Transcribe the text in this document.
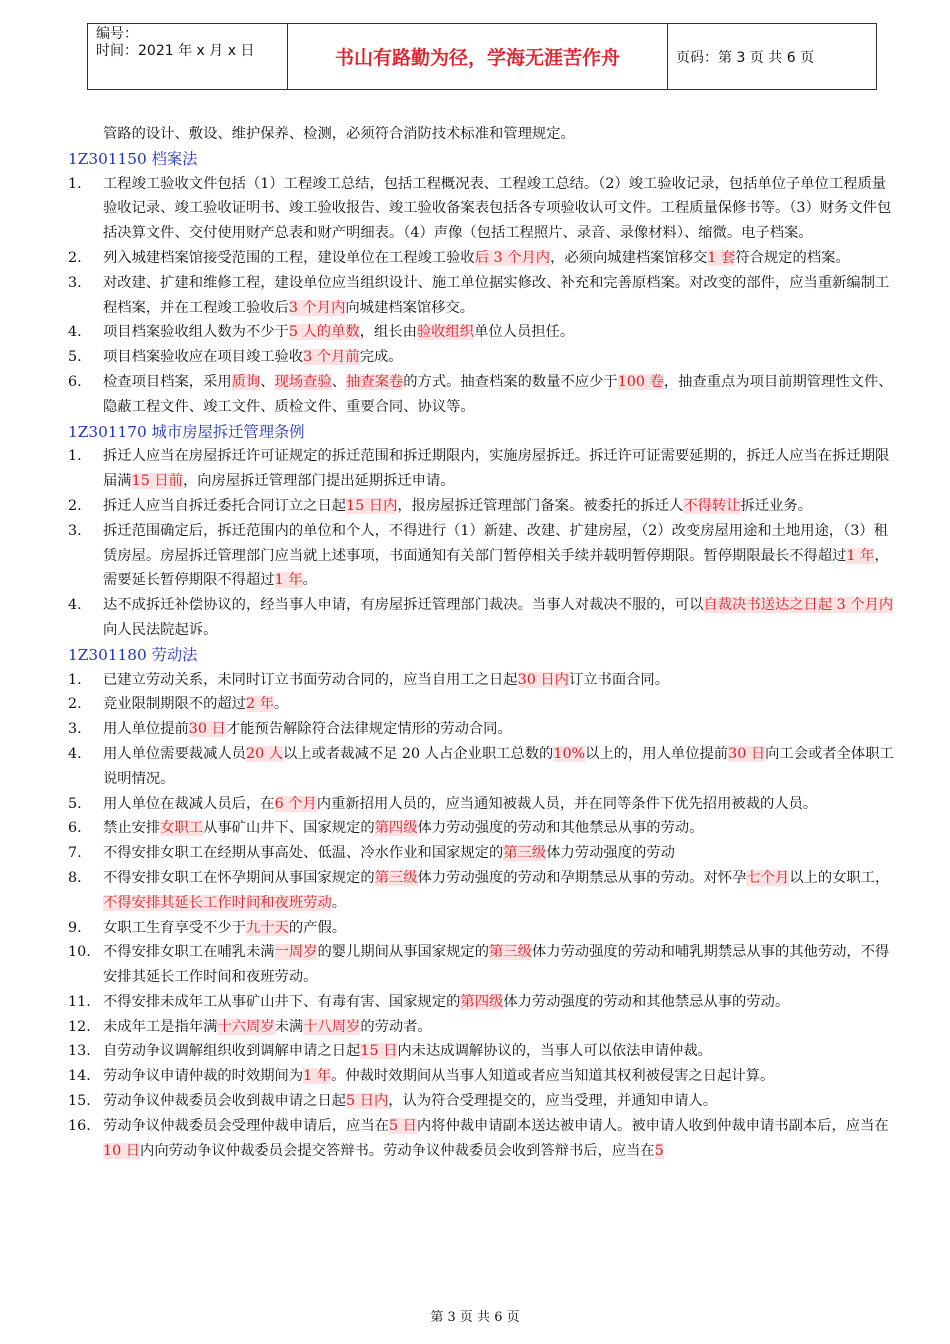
编号：
时间：2021 年 x 月 x 日	书山有路勤为径，学海无涯苦作舟	页码：第 3 页 共 6 页
管路的设计、敷设、维护保养、检测，必须符合消防技术标准和管理规定。
1Z301150 档案法
1. 工程竣工验收文件包括（1）工程竣工总结，包括工程概况表、工程竣工总结。（2）竣工验收记录，包括单位子单位工程质量验收记录、竣工验收证明书、竣工验收报告、竣工验收备案表包括各专项验收认可文件。工程质量保修书等。（3）财务文件包括决算文件、交付使用财产总表和财产明细表。（4）声像（包括工程照片、录音、录像材料）、缩微。电子档案。
2. 列入城建档案馆接受范围的工程，建设单位在工程竣工验收后 3 个月内，必须向城建档案馆移交1 套符合规定的档案。
3. 对改建、扩建和维修工程，建设单位应当组织设计、施工单位据实修改、补充和完善原档案。对改变的部件，应当重新编制工程档案，并在工程竣工验收后3 个月内向城建档案馆移交。
4. 项目档案验收组人数为不少于5 人的单数，组长由验收组织单位人员担任。
5. 项目档案验收应在项目竣工验收3 个月前完成。
6. 检查项目档案，采用质询、现场查验、抽查案卷的方式。抽查档案的数量不应少于100 卷，抽查重点为项目前期管理性文件、隐蔽工程文件、竣工文件、质检文件、重要合同、协议等。
1Z301170 城市房屋拆迁管理条例
1. 拆迁人应当在房屋拆迁许可证规定的拆迁范围和拆迁期限内，实施房屋拆迁。拆迁许可证需要延期的，拆迁人应当在拆迁期限届满15 日前，向房屋拆迁管理部门提出延期拆迁申请。
2. 拆迁人应当自拆迁委托合同订立之日起15 日内，报房屋拆迁管理部门备案。被委托的拆迁人不得转让拆迁业务。
3. 拆迁范围确定后，拆迁范围内的单位和个人，不得进行（1）新建、改建、扩建房屋，（2）改变房屋用途和土地用途，（3）租赁房屋。房屋拆迁管理部门应当就上述事项，书面通知有关部门暂停相关手续并载明暂停期限。暂停期限最长不得超过1 年，需要延长暂停期限不得超过1 年。
4. 达不成拆迁补偿协议的，经当事人申请，有房屋拆迁管理部门裁决。当事人对裁决不服的，可以自裁决书送达之日起 3 个月内向人民法院起诉。
1Z301180 劳动法
1. 已建立劳动关系，未同时订立书面劳动合同的，应当自用工之日起30 日内订立书面合同。
2. 竞业限制期限不的超过2 年。
3. 用人单位提前30 日才能预告解除符合法律规定情形的劳动合同。
4. 用人单位需要裁减人员20 人以上或者裁减不足 20 人占企业职工总数的10%以上的，用人单位提前30 日向工会或者全体职工说明情况。
5. 用人单位在裁减人员后，在6 个月内重新招用人员的，应当通知被裁人员，并在同等条件下优先招用被裁的人员。
6. 禁止安排女职工从事矿山井下、国家规定的第四级体力劳动强度的劳动和其他禁忌从事的劳动。
7. 不得安排女职工在经期从事高处、低温、冷水作业和国家规定的第三级体力劳动强度的劳动
8. 不得安排女职工在怀孕期间从事国家规定的第三级体力劳动强度的劳动和孕期禁忌从事的劳动。对怀孕七个月以上的女职工，不得安排其延长工作时间和夜班劳动。
9. 女职工生育享受不少于九十天的产假。
10. 不得安排女职工在哺乳未满一周岁的婴儿期间从事国家规定的第三级体力劳动强度的劳动和哺乳期禁忌从事的其他劳动，不得安排其延长工作时间和夜班劳动。
11. 不得安排未成年工从事矿山井下、有毒有害、国家规定的第四级体力劳动强度的劳动和其他禁忌从事的劳动。
12. 未成年工是指年满十六周岁未满十八周岁的劳动者。
13. 自劳动争议调解组织收到调解申请之日起15 日内未达成调解协议的，当事人可以依法申请仲裁。
14. 劳动争议申请仲裁的时效期间为1 年。仲裁时效期间从当事人知道或者应当知道其权利被侵害之日起计算。
15. 劳动争议仲裁委员会收到裁申请之日起5 日内，认为符合受理提交的，应当受理，并通知申请人。
16. 劳动争议仲裁委员会受理仲裁申请后，应当在5 日内将仲裁申请副本送达被申请人。被申请人收到仲裁申请书副本后，应当在10 日内向劳动争议仲裁委员会提交答辩书。劳动争议仲裁委员会收到答辩书后，应当在5
第 3 页 共 6 页
